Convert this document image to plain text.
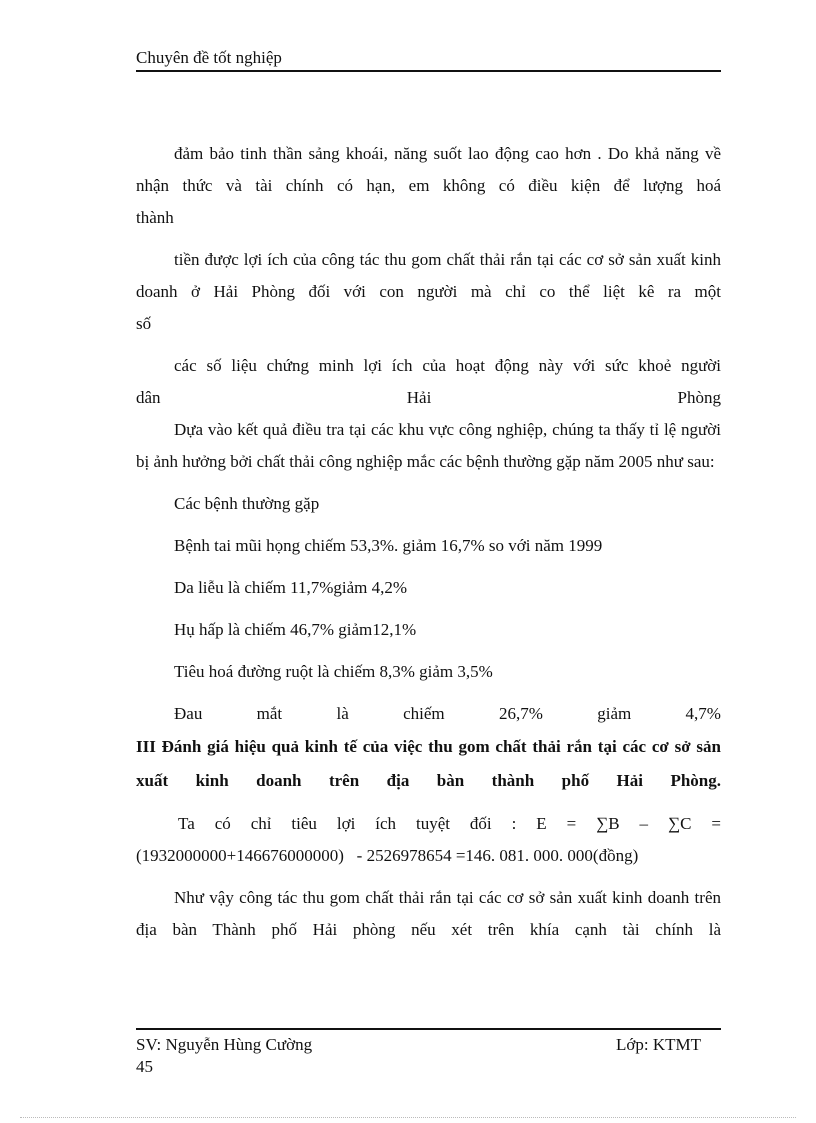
Chuyên đề tốt nghiệp

đảm bảo tinh thần sảng khoái, năng suốt lao động cao hơn . Do khả năng về nhận thức và tài chính có hạn, em không có điều kiện để lượng hoá

thành

tiền được lợi ích của công tác thu gom chất thải rắn tại các cơ sở sản xuất kinh doanh ở Hải Phòng đối với con người mà chỉ co thể liệt kê ra một

số

các số liệu chứng minh lợi ích của hoạt động này với sức khoẻ người

dân	Hải	Phòng

Dựa vào kết quả điều tra tại các khu vực công nghiệp, chúng ta thấy tỉ lệ người bị ảnh hưởng bởi chất thải công nghiệp mắc các bệnh thường gặp năm 2005 như sau:

Các bệnh thường gặp

Bệnh tai mũi họng chiếm 53,3%. giảm 16,7% so với năm 1999

Da liễu là chiếm 11,7%giảm 4,2%

Hụ hấp là chiếm 46,7% giảm12,1%

Tiêu hoá đường ruột là chiếm 8,3% giảm 3,5%

Đau	mắt	là	chiếm	26,7%	giảm	4,7%

III Đánh giá hiệu quả kinh tế của việc thu gom chất thải rắn tại các cơ sở sản xuất kinh doanh trên địa bàn thành phố Hải Phòng.

Ta có chỉ tiêu lợi ích tuyệt đối : E = ∑B – ∑C =

(1932000000+146676000000)   - 2526978654 =146. 081. 000. 000(đồng)

Như vậy công tác thu gom chất thải rắn tại các cơ sở sản xuất kinh doanh trên địa bàn Thành phố Hải phòng nếu xét trên khía cạnh tài chính là

SV: Nguyễn Hùng Cường	Lớp: KTMT
45
